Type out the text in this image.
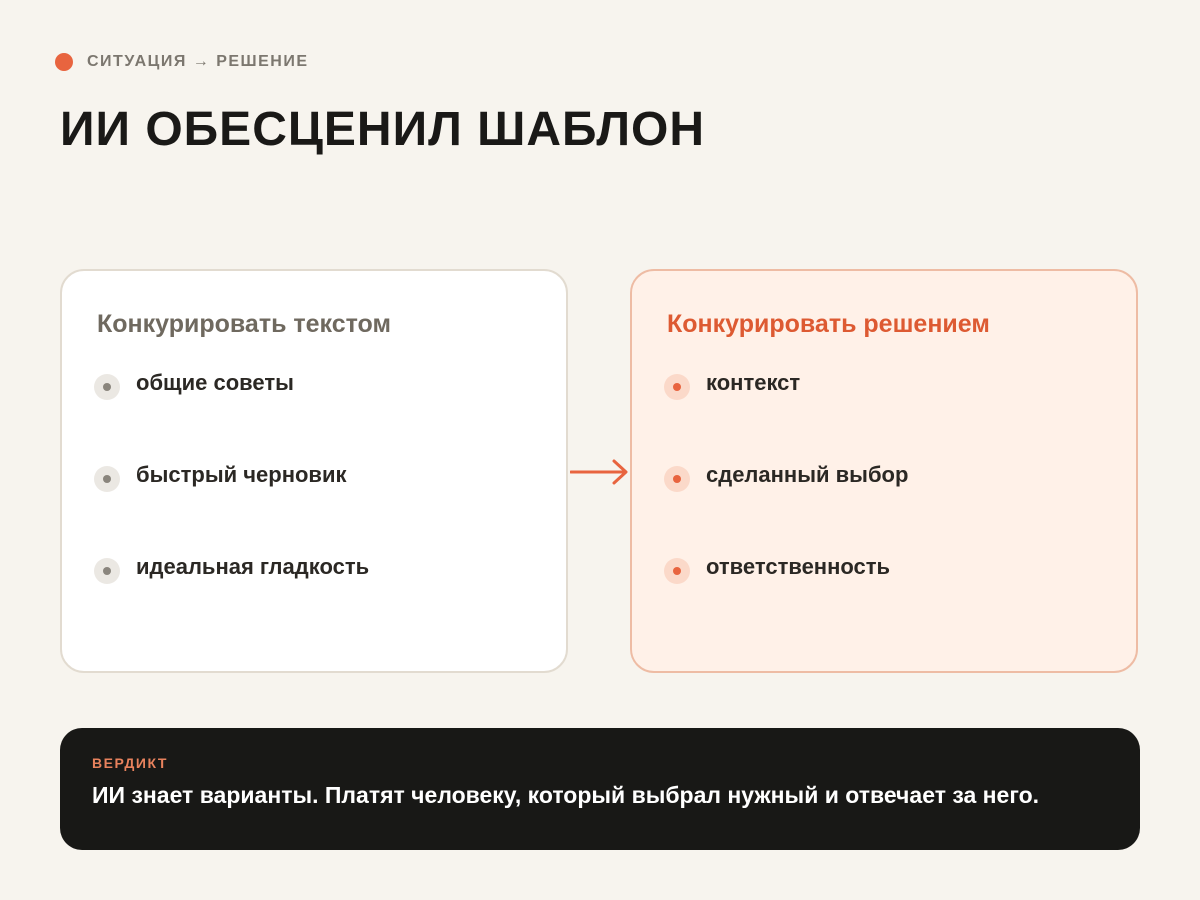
СИТУАЦИЯ → РЕШЕНИЕ
ИИ ОБЕСЦЕНИЛ ШАБЛОН
Конкурировать текстом
общие советы
быстрый черновик
идеальная гладкость
Конкурировать решением
контекст
сделанный выбор
ответственность
ВЕРДИКТ
ИИ знает варианты. Платят человеку, который выбрал нужный и отвечает за него.
